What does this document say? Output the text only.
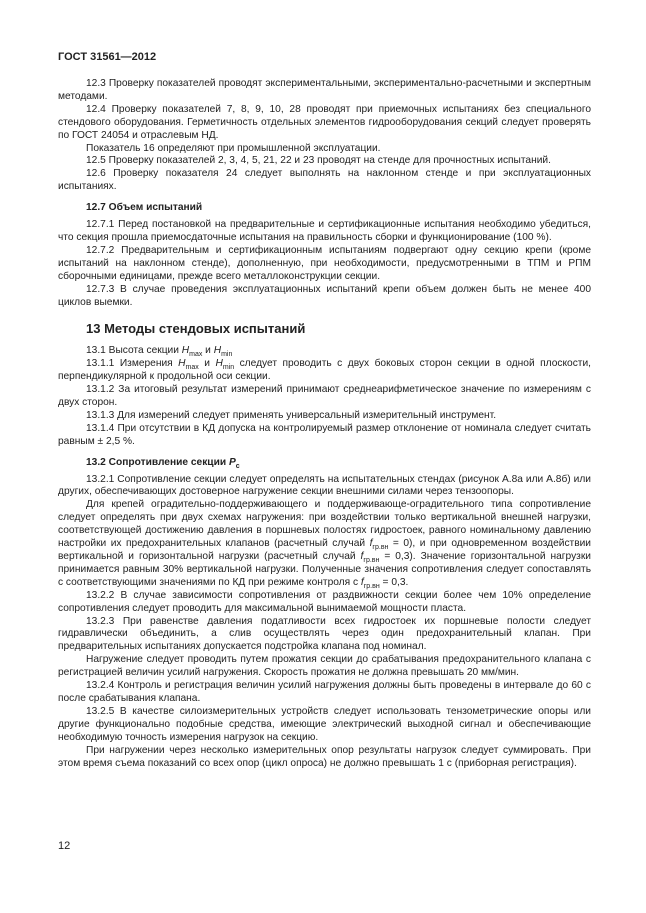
ГОСТ 31561—2012

12.3 Проверку показателей проводят экспериментальными, экспериментально-расчетными и экспертным методами.

12.4 Проверку показателей 7, 8, 9, 10, 28 проводят при приемочных испытаниях без специального стендового оборудования. Герметичность отдельных элементов гидрооборудования секций следует проверять по ГОСТ 24054 и отраслевым НД.

Показатель 16 определяют при промышленной эксплуатации.

12.5 Проверку показателей 2, 3, 4, 5, 21, 22 и 23 проводят на стенде для прочностных испытаний.

12.6 Проверку показателя 24 следует выполнять на наклонном стенде и при эксплуатационных испытаниях.

12.7 Объем испытаний

12.7.1 Перед постановкой на предварительные и сертификационные испытания необходимо убедиться, что секция прошла приемосдаточные испытания на правильность сборки и функционирование (100 %).

12.7.2 Предварительным и сертификационным испытаниям подвергают одну секцию крепи (кроме испытаний на наклонном стенде), дополненную, при необходимости, предусмотренными в ТПМ и РПМ сборочными единицами, прежде всего металлоконструкции секции.

12.7.3 В случае проведения эксплуатационных испытаний крепи объем должен быть не менее 400 циклов выемки.

13 Методы стендовых испытаний

13.1 Высота секции $H_{max}$ и $H_{min}$

13.1.1 Измерения $H_{max}$ и $H_{min}$ следует проводить с двух боковых сторон секции в одной плоскости, перпендикулярной к продольной оси секции.

13.1.2 За итоговый результат измерений принимают среднеарифметическое значение по измерениям с двух сторон.

13.1.3 Для измерений следует применять универсальный измерительный инструмент.

13.1.4 При отсутствии в КД допуска на контролируемый размер отклонение от номинала следует считать равным ± 2,5 %.

13.2 Сопротивление секции $P_c$

13.2.1 Сопротивление секции следует определять на испытательных стендах (рисунок А.8а или А.8б) или других, обеспечивающих достоверное нагружение секции внешними силами через тензоопоры.

Для крепей оградительно-поддерживающего и поддерживающе-оградительного типа сопротивление следует определять при двух схемах нагружения: при воздействии только вертикальной внешней нагрузки, соответствующей достижению давления в поршневых полостях гидростоек, равного номинальному давлению настройки их предохранительных клапанов (расчетный случай $f_{гр.вн} = 0$), и при одновременном воздействии вертикальной и горизонтальной нагрузки (расчетный случай $f_{гр.вн} = 0,3$). Значение горизонтальной нагрузки принимается равным 30% вертикальной нагрузки. Полученные значения сопротивления следует сопоставлять с соответствующими значениями по КД при режиме контроля с $f_{гр.вн} = 0,3$.

13.2.2 В случае зависимости сопротивления от раздвижности секции более чем 10% определение сопротивления следует проводить для максимальной вынимаемой мощности пласта.

13.2.3 При равенстве давления податливости всех гидростоек их поршневые полости следует гидравлически объединить, а слив осуществлять через один предохранительный клапан. При предварительных испытаниях допускается подстройка клапана под номинал.

Нагружение следует проводить путем прожатия секции до срабатывания предохранительного клапана с регистрацией величин усилий нагружения. Скорость прожатия не должна превышать 20 мм/мин.

13.2.4 Контроль и регистрация величин усилий нагружения должны быть проведены в интервале до 60 с после срабатывания клапана.

13.2.5 В качестве силоизмерительных устройств следует использовать тензометрические опоры или другие функционально подобные средства, имеющие электрический выходной сигнал и обеспечивающие необходимую точность измерения нагрузок на секцию.

При нагружении через несколько измерительных опор результаты нагрузок следует суммировать. При этом время съема показаний со всех опор (цикл опроса) не должно превышать 1 с (приборная регистрация).

12
